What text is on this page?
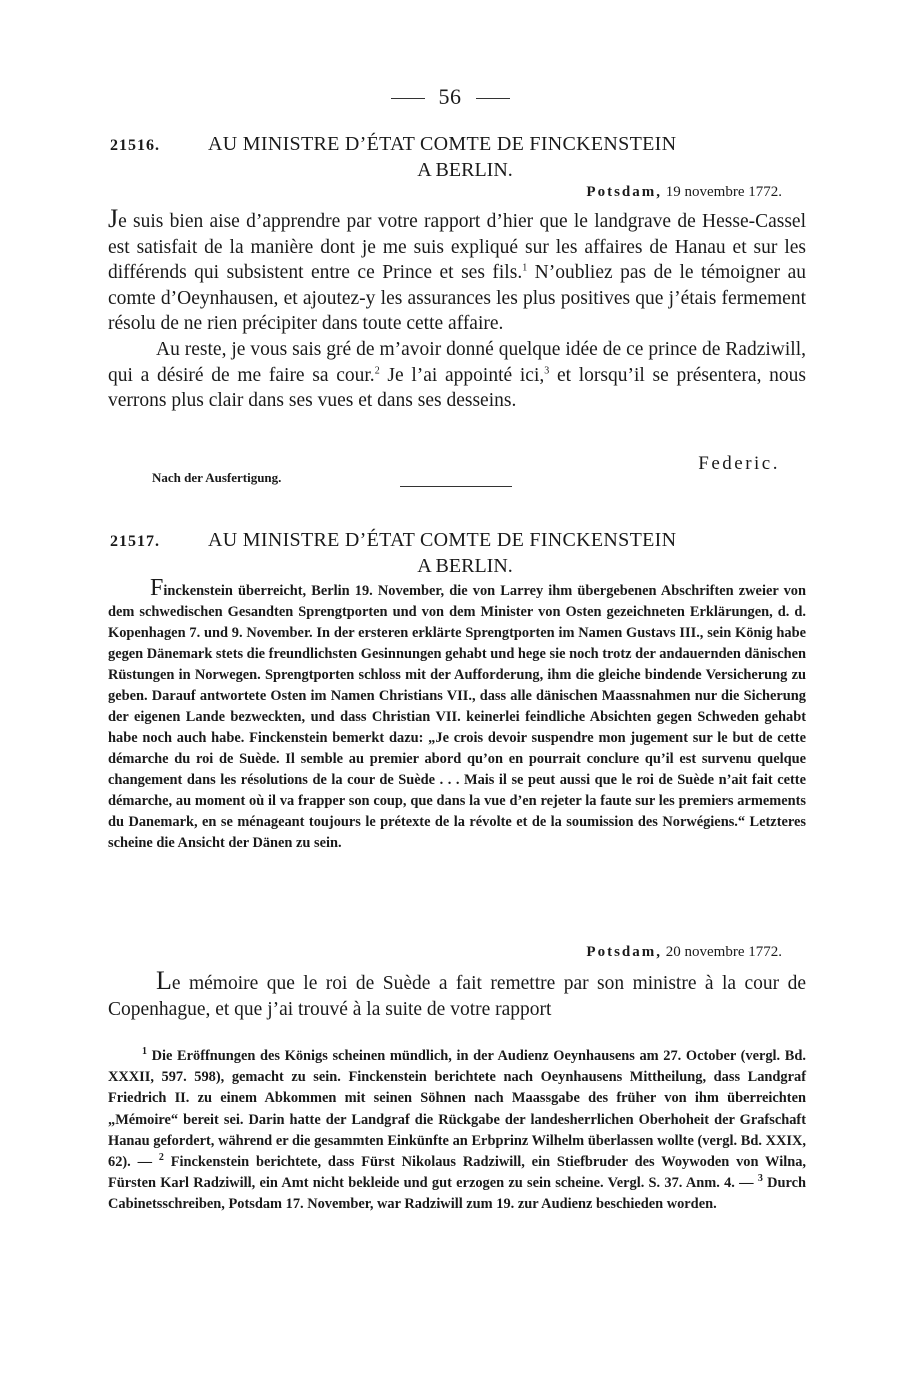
56
21516. AU MINISTRE D’ÉTAT COMTE DE FINCKENSTEIN
A BERLIN.
Potsdam, 19 novembre 1772.

Je suis bien aise d’apprendre par votre rapport d’hier que le landgrave de Hesse-Cassel est satisfait de la manière dont je me suis expliqué sur les affaires de Hanau et sur les différends qui subsistent entre ce Prince et ses fils.$^1$ N’oubliez pas de le témoigner au comte d’Oeynhausen, et ajoutez-y les assurances les plus positives que j’étais fermement résolu de ne rien précipiter dans toute cette affaire.

Au reste, je vous sais gré de m’avoir donné quelque idée de ce prince de Radziwill, qui a désiré de me faire sa cour.$^2$ Je l’ai appointé ici,$^3$ et lorsqu’il se présentera, nous verrons plus clair dans ses vues et dans ses desseins.

Nach der Ausfertigung.
Federic.
21517. AU MINISTRE D’ÉTAT COMTE DE FINCKENSTEIN
A BERLIN.

Finckenstein überreicht, Berlin 19. November, die von Larrey ihm übergebenen Abschriften zweier von dem schwedischen Gesandten Sprengtporten und von dem Minister von Osten gezeichneten Erklärungen, d. d. Kopenhagen 7. und 9. November. In der ersteren erklärte Sprengtporten im Namen Gustavs III., sein König habe gegen Dänemark stets die freundlichsten Gesinnungen gehabt und hege sie noch trotz der andauernden dänischen Rüstungen in Norwegen. Sprengtporten schloss mit der Aufforderung, ihm die gleiche bindende Versicherung zu geben. Darauf antwortete Osten im Namen Christians VII., dass alle dänischen Maassnahmen nur die Sicherung der eigenen Lande bezweckten, und dass Christian VII. keinerlei feindliche Absichten gegen Schweden gehabt habe noch auch habe. Finckenstein bemerkt dazu: „Je crois devoir suspendre mon jugement sur le but de cette démarche du roi de Suède. Il semble au premier abord qu’on en pourrait conclure qu’il est survenu quelque changement dans les résolutions de la cour de Suède . . . Mais il se peut aussi que le roi de Suède n’ait fait cette démarche, au moment où il va frapper son coup, que dans la vue d’en rejeter la faute sur les premiers armements du Danemark, en se ménageant toujours le prétexte de la révolte et de la soumission des Norwégiens.“ Letzteres scheine die Ansicht der Dänen zu sein.

Potsdam, 20 novembre 1772.

Le mémoire que le roi de Suède a fait remettre par son ministre à la cour de Copenhague, et que j’ai trouvé à la suite de votre rapport

$^1$ Die Eröffnungen des Königs scheinen mündlich, in der Audienz Oeynhausens am 27. October (vergl. Bd. XXXII, 597. 598), gemacht zu sein. Finckenstein berichtete nach Oeynhausens Mittheilung, dass Landgraf Friedrich II. zu einem Abkommen mit seinen Söhnen nach Maassgabe des früher von ihm überreichten „Mémoire“ bereit sei. Darin hatte der Landgraf die Rückgabe der landesherrlichen Oberhoheit der Grafschaft Hanau gefordert, während er die gesammten Einkünfte an Erbprinz Wilhelm überlassen wollte (vergl. Bd. XXIX, 62). — $^2$ Finckenstein berichtete, dass Fürst Nikolaus Radziwill, ein Stiefbruder des Woywoden von Wilna, Fürsten Karl Radziwill, ein Amt nicht bekleide und gut erzogen zu sein scheine. Vergl. S. 37. Anm. 4. — $^3$ Durch Cabinetsschreiben, Potsdam 17. November, war Radziwill zum 19. zur Audienz beschieden worden.
